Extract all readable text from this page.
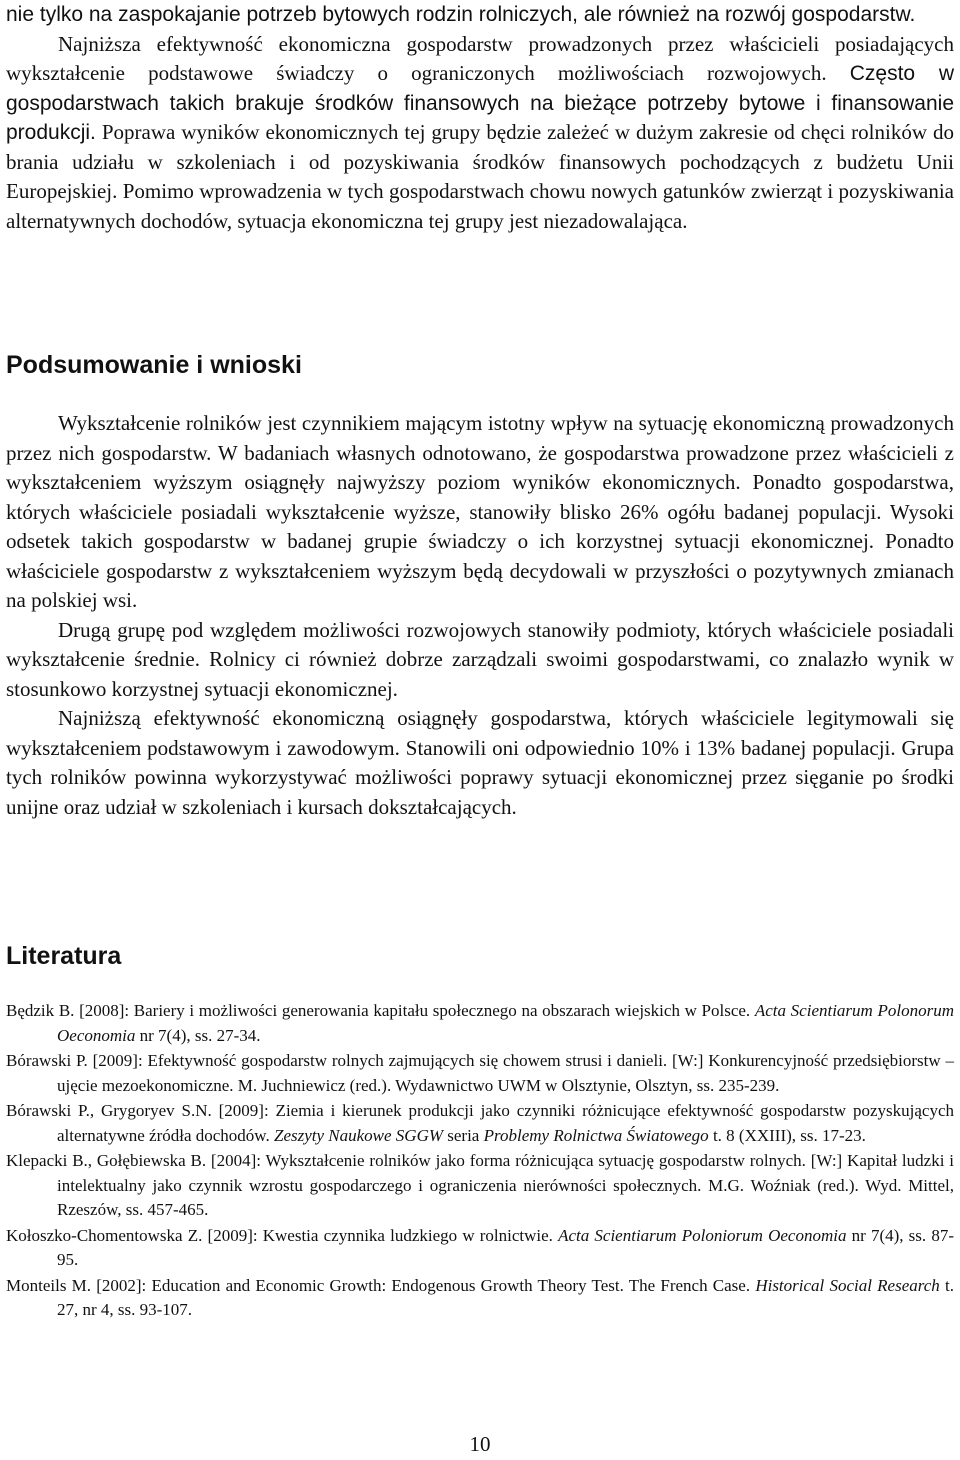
nie tylko na zaspokajanie potrzeb bytowych rodzin rolniczych, ale również na rozwój gospodarstw.

Najniższa efektywność ekonomiczna gospodarstw prowadzonych przez właścicieli posiadających wykształcenie podstawowe świadczy o ograniczonych możliwościach rozwojowych. Często w gospodarstwach takich brakuje środków finansowych na bieżące potrzeby bytowe i finansowanie produkcji. Poprawa wyników ekonomicznych tej grupy będzie zależeć w dużym zakresie od chęci rolników do brania udziału w szkoleniach i od pozyskiwania środków finansowych pochodzących z budżetu Unii Europejskiej. Pomimo wprowadzenia w tych gospodarstwach chowu nowych gatunków zwierząt i pozyskiwania alternatywnych dochodów, sytuacja ekonomiczna tej grupy jest niezadowalająca.

Podsumowanie i wnioski

Wykształcenie rolników jest czynnikiem mającym istotny wpływ na sytuację ekonomiczną prowadzonych przez nich gospodarstw. W badaniach własnych odnotowano, że gospodarstwa prowadzone przez właścicieli z wykształceniem wyższym osiągnęły najwyższy poziom wyników ekonomicznych. Ponadto gospodarstwa, których właściciele posiadali wykształcenie wyższe, stanowiły blisko 26% ogółu badanej populacji. Wysoki odsetek takich gospodarstw w badanej grupie świadczy o ich korzystnej sytuacji ekonomicznej. Ponadto właściciele gospodarstw z wykształceniem wyższym będą decydowali w przyszłości o pozytywnych zmianach na polskiej wsi.

Drugą grupę pod względem możliwości rozwojowych stanowiły podmioty, których właściciele posiadali wykształcenie średnie. Rolnicy ci również dobrze zarządzali swoimi gospodarstwami, co znalazło wynik w stosunkowo korzystnej sytuacji ekonomicznej.

Najniższą efektywność ekonomiczną osiągnęły gospodarstwa, których właściciele legitymowali się wykształceniem podstawowym i zawodowym. Stanowili oni odpowiednio 10% i 13% badanej populacji. Grupa tych rolników powinna wykorzystywać możliwości poprawy sytuacji ekonomicznej przez sięganie po środki unijne oraz udział w szkoleniach i kursach dokształcających.

Literatura

Będzik B. [2008]: Bariery i możliwości generowania kapitału społecznego na obszarach wiejskich w Polsce. Acta Scientiarum Polonorum Oeconomia nr 7(4), ss. 27-34.

Bórawski P. [2009]: Efektywność gospodarstw rolnych zajmujących się chowem strusi i danieli. [W:] Konkurencyjność przedsiębiorstw – ujęcie mezoekonomiczne. M. Juchniewicz (red.). Wydawnictwo UWM w Olsztynie, Olsztyn, ss. 235-239.

Bórawski P., Grygoryev S.N. [2009]: Ziemia i kierunek produkcji jako czynniki różnicujące efektywność gospodarstw pozyskujących alternatywne źródła dochodów. Zeszyty Naukowe SGGW seria Problemy Rolnictwa Światowego t. 8 (XXIII), ss. 17-23.

Klepacki B., Gołębiewska B. [2004]: Wykształcenie rolników jako forma różnicująca sytuację gospodarstw rolnych. [W:] Kapitał ludzki i intelektualny jako czynnik wzrostu gospodarczego i ograniczenia nierówności społecznych. M.G. Woźniak (red.). Wyd. Mittel, Rzeszów, ss. 457-465.

Kołoszko-Chomentowska Z. [2009]: Kwestia czynnika ludzkiego w rolnictwie. Acta Scientiarum Poloniorum Oeconomia nr 7(4), ss. 87-95.

Monteils M. [2002]: Education and Economic Growth: Endogenous Growth Theory Test. The French Case. Historical Social Research t. 27, nr 4, ss. 93-107.

10
